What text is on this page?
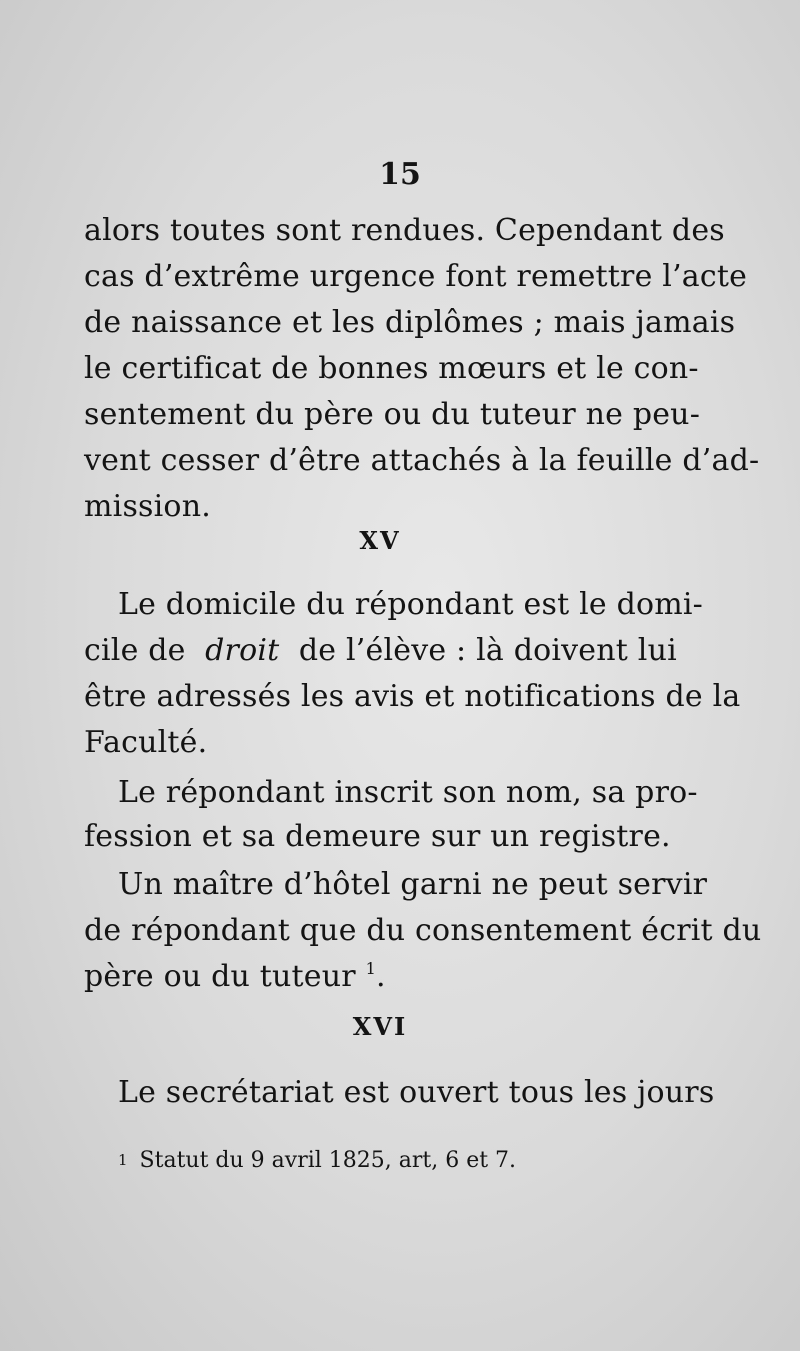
15
alors toutes sont rendues. Cependant des
cas d’extrême urgence font remettre l’acte
de naissance et les diplômes ; mais jamais
le certificat de bonnes mœurs et le con-
sentement du père ou du tuteur ne peu-
vent cesser d’être attachés à la feuille d’ad-
mission.
XV
Le domicile du répondant est le domi-
cile de droit de l’élève : là doivent lui
être adressés les avis et notifications de la
Faculté.
Le répondant inscrit son nom, sa pro-
fession et sa demeure sur un registre.
Un maître d’hôtel garni ne peut servir
de répondant que du consentement écrit du
père ou du tuteur $^1$.
XVI
Le secrétariat est ouvert tous les jours
1 Statut du 9 avril 1825, art, 6 et 7.
